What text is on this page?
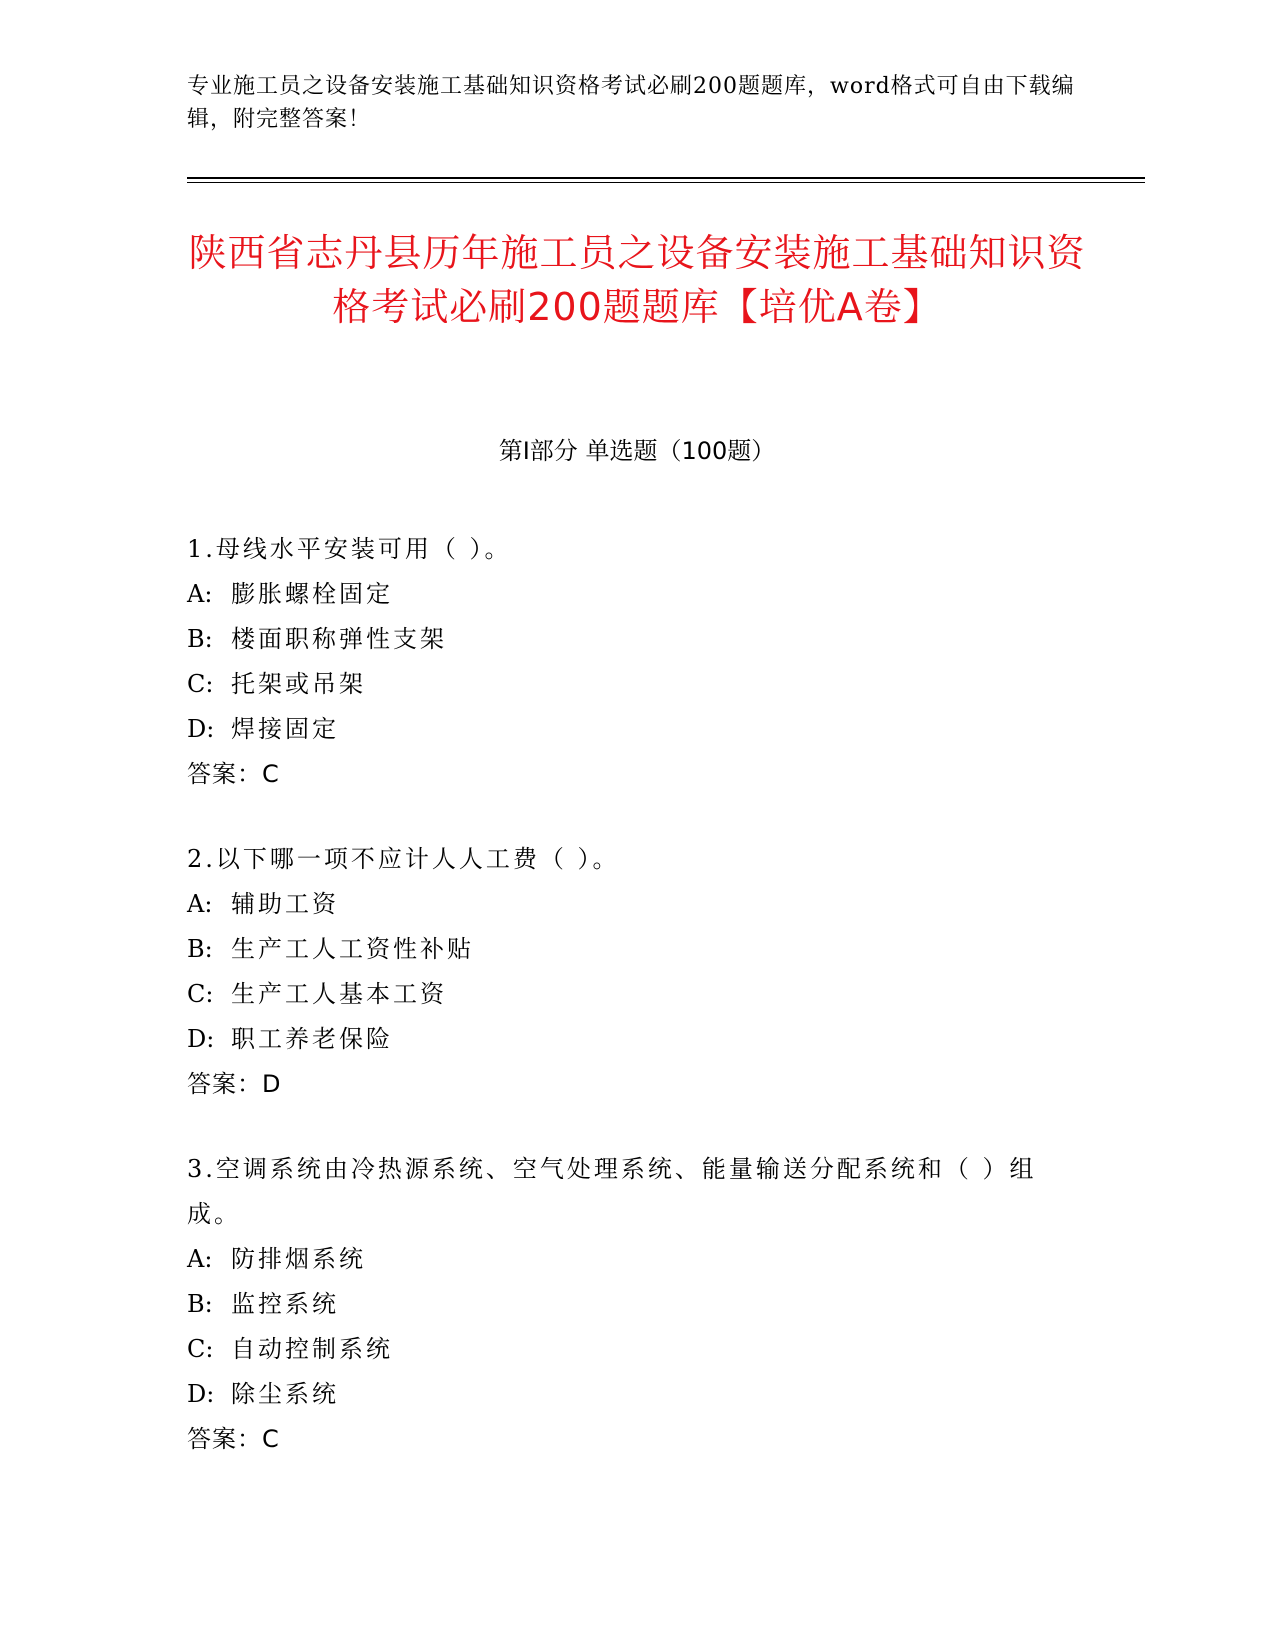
专业施工员之设备安装施工基础知识资格考试必刷200题题库，word格式可自由下载编辑，附完整答案！
陕西省志丹县历年施工员之设备安装施工基础知识资格考试必刷200题题库【培优A卷】
第I部分 单选题（100题）
1.母线水平安装可用（ ）。
A: 膨胀螺栓固定
B: 楼面职称弹性支架
C: 托架或吊架
D: 焊接固定
答案：C
2.以下哪一项不应计人人工费（ ）。
A: 辅助工资
B: 生产工人工资性补贴
C: 生产工人基本工资
D: 职工养老保险
答案：D
3.空调系统由冷热源系统、空气处理系统、能量输送分配系统和（ ）组成。
A: 防排烟系统
B: 监控系统
C: 自动控制系统
D: 除尘系统
答案：C
